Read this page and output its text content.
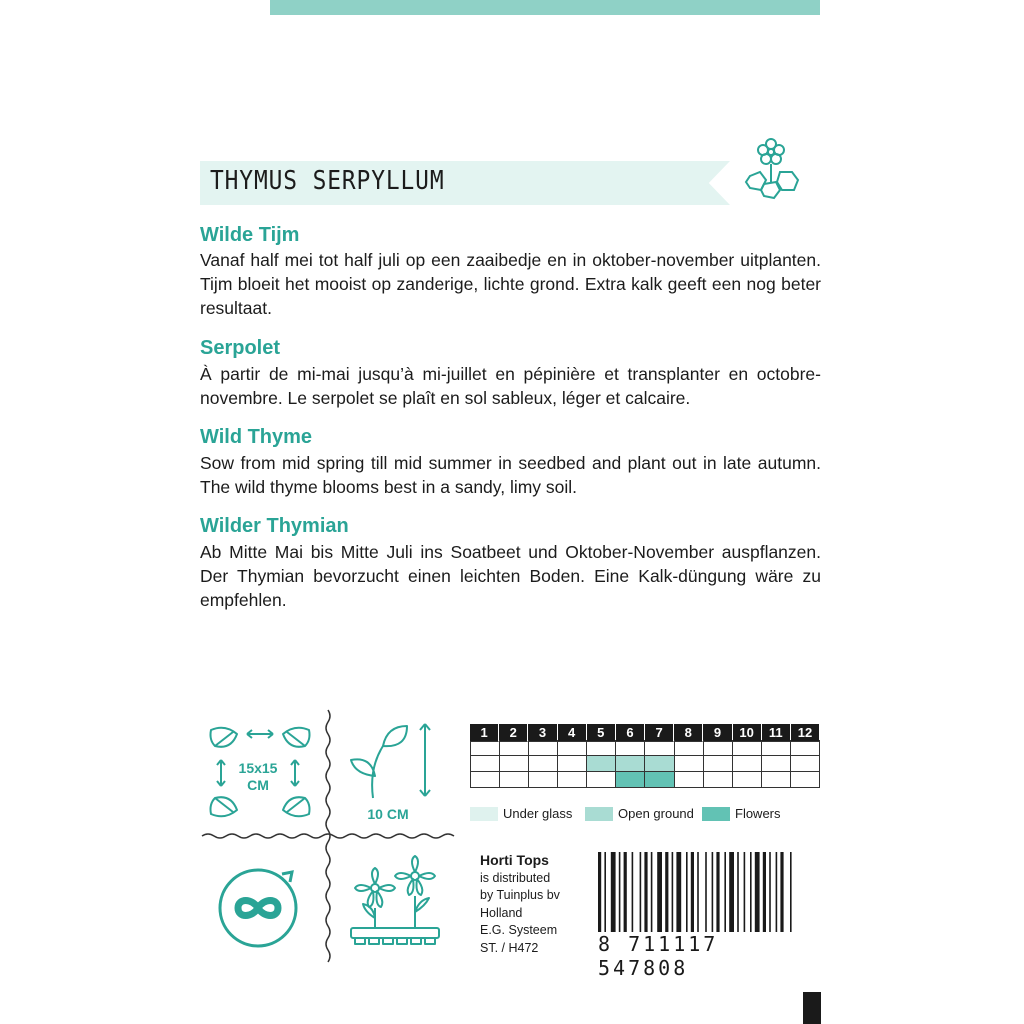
THYMUS SERPYLLUM
Wilde Tijm

Vanaf half mei tot half juli op een zaaibedje en in oktober-november uitplanten. Tijm bloeit het mooist op zanderige, lichte grond. Extra kalk geeft een nog beter resultaat.

Serpolet

À partir de mi-mai jusqu’à mi-juillet en pépinière et transplanter en octobre-novembre. Le serpolet se plaît en sol sableux, léger et calcaire.

Wild Thyme

Sow from mid spring till mid summer in seedbed and plant out in late autumn. The wild thyme blooms best in a sandy, limy soil.

Wilder Thymian

Ab Mitte Mai bis Mitte Juli ins Soatbeet und Oktober-November auspflanzen. Der Thymian bevorzucht einen leichten Boden. Eine Kalk-düngung wäre zu empfehlen.

15x15
CM
10 CM
1	2	3	4	5	6	7	8	9	10	11	12
Under glass	Open ground	Flowers
Horti Tops
is distributed
by Tuinplus bv
Holland
E.G. Systeem
ST. / H472	8 711117 547808
